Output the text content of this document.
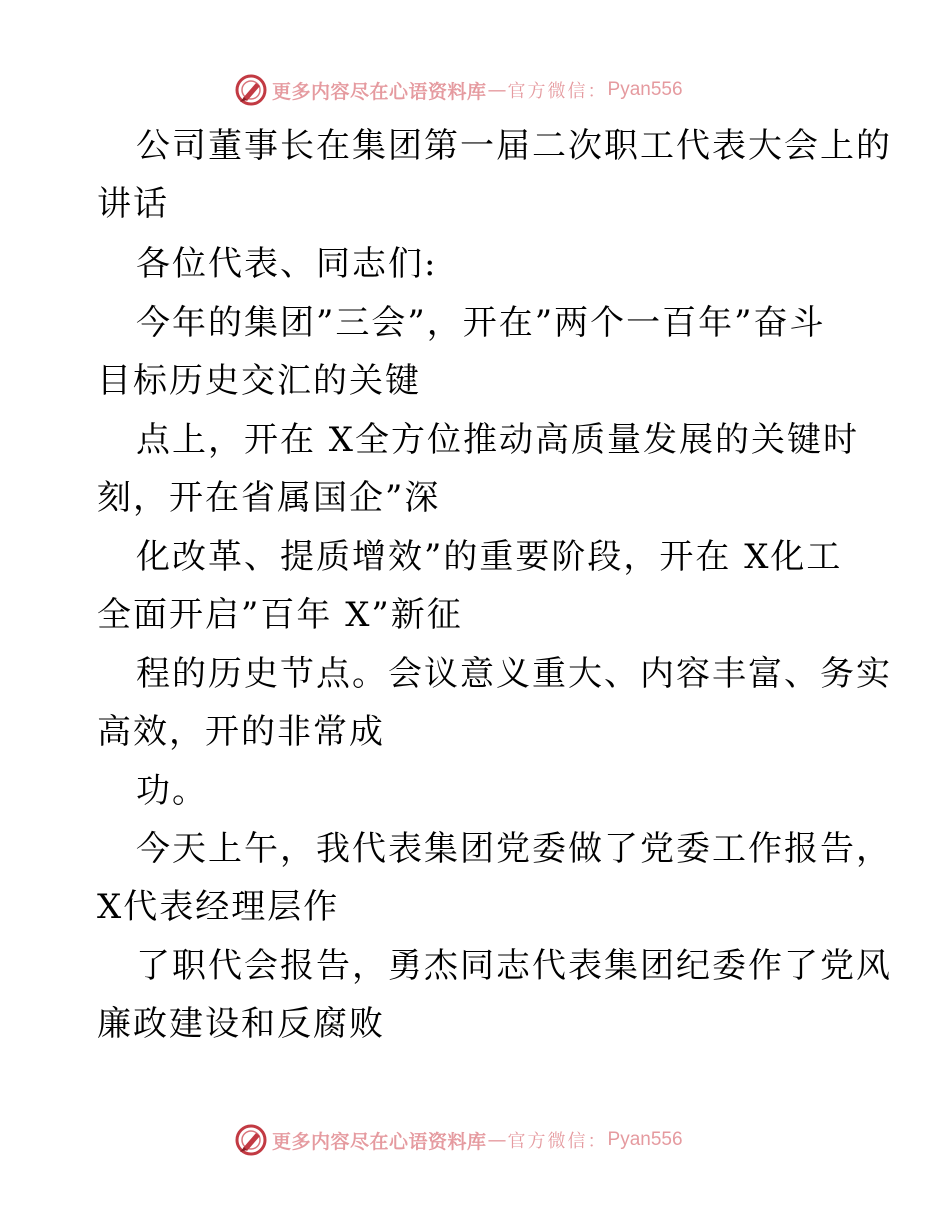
更多内容尽在心语资料库 — 官方微信： Pyan556
公司董事长在集团第一届二次职工代表大会上的
讲话
各位代表、同志们:
今年的集团”三会”，开在”两个一百年”奋斗
目标历史交汇的关键
点上，开在 X全方位推动高质量发展的关键时
刻，开在省属国企”深
化改革、提质增效”的重要阶段，开在 X化工
全面开启”百年 X”新征
程的历史节点。会议意义重大、内容丰富、务实
高效，开的非常成
功。
今天上午，我代表集团党委做了党委工作报告，
X代表经理层作
了职代会报告，勇杰同志代表集团纪委作了党风
廉政建设和反腐败
更多内容尽在心语资料库 — 官方微信： Pyan556
